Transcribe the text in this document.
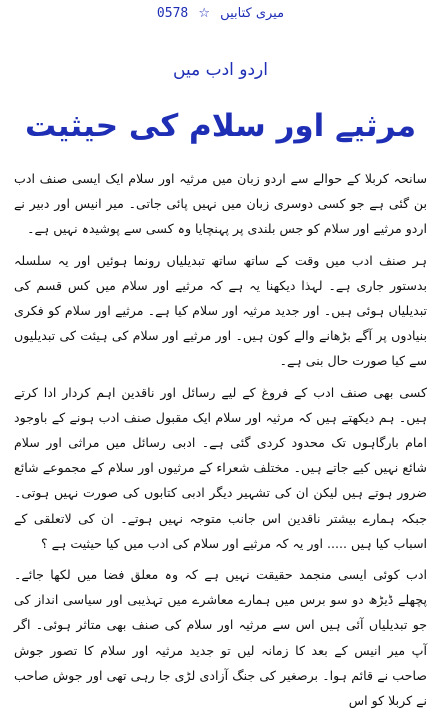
میری کتابیں ☆ 0578
اردو ادب میں
مرثیے اور سلام کی حیثیت

سانحہ کربلا کے حوالے سے اردو زبان میں مرثیہ اور سلام ایک ایسی صنف ادب بن گئی ہے جو کسی دوسری زبان میں نہیں پائی جاتی۔ میر انیس اور دبیر نے اردو مرثیے اور سلام کو جس بلندی پر پہنچایا وہ کسی سے پوشیدہ نہیں ہے۔

ہر صنف ادب میں وقت کے ساتھ ساتھ تبدیلیاں رونما ہوئیں اور یہ سلسلہ بدستور جاری ہے۔ لہذا دیکھنا یہ ہے کہ مرثیے اور سلام میں کس قسم کی تبدیلیاں ہوئی ہیں۔ اور جدید مرثیہ اور سلام کیا ہے۔ مرثیے اور سلام کو فکری بنیادوں پر آگے بڑھانے والے کون ہیں۔ اور مرثیے اور سلام کی ہیئت کی تبدیلیوں سے کیا صورت حال بنی ہے۔

کسی بھی صنف ادب کے فروغ کے لیے رسائل اور ناقدین اہم کردار ادا کرتے ہیں۔ ہم دیکھتے ہیں کہ مرثیہ اور سلام ایک مقبول صنف ادب ہونے کے باوجود امام بارگاہوں تک محدود کردی گئی ہے۔ ادبی رسائل میں مراثی اور سلام شائع نہیں کیے جاتے ہیں۔ مختلف شعراء کے مرثیوں اور سلام کے مجموعے شائع ضرور ہوتے ہیں لیکن ان کی تشہیر دیگر ادبی کتابوں کی صورت نہیں ہوتی۔ جبکہ ہمارے بیشتر ناقدین اس جانب متوجہ نہیں ہوتے۔ ان کی لاتعلقی کے اسباب کیا ہیں ..... اور یہ کہ مرثیے اور سلام کی ادب میں کیا حیثیت ہے ؟

ادب کوئی ایسی منجمد حقیقت نہیں ہے کہ وہ معلق فضا میں لکھا جائے۔ پچھلے ڈیڑھ دو سو برس میں ہمارے معاشرے میں تہذیبی اور سیاسی انداز کی جو تبدیلیاں آئی ہیں اس سے مرثیہ اور سلام کی صنف بھی متاثر ہوئی۔ اگر آپ میر انیس کے بعد کا زمانہ لیں تو جدید مرثیہ اور سلام کا تصور جوش صاحب نے قائم ہوا۔ برصغیر کی جنگ آزادی لڑی جا رہی تھی اور جوش صاحب نے کربلا کو اس
